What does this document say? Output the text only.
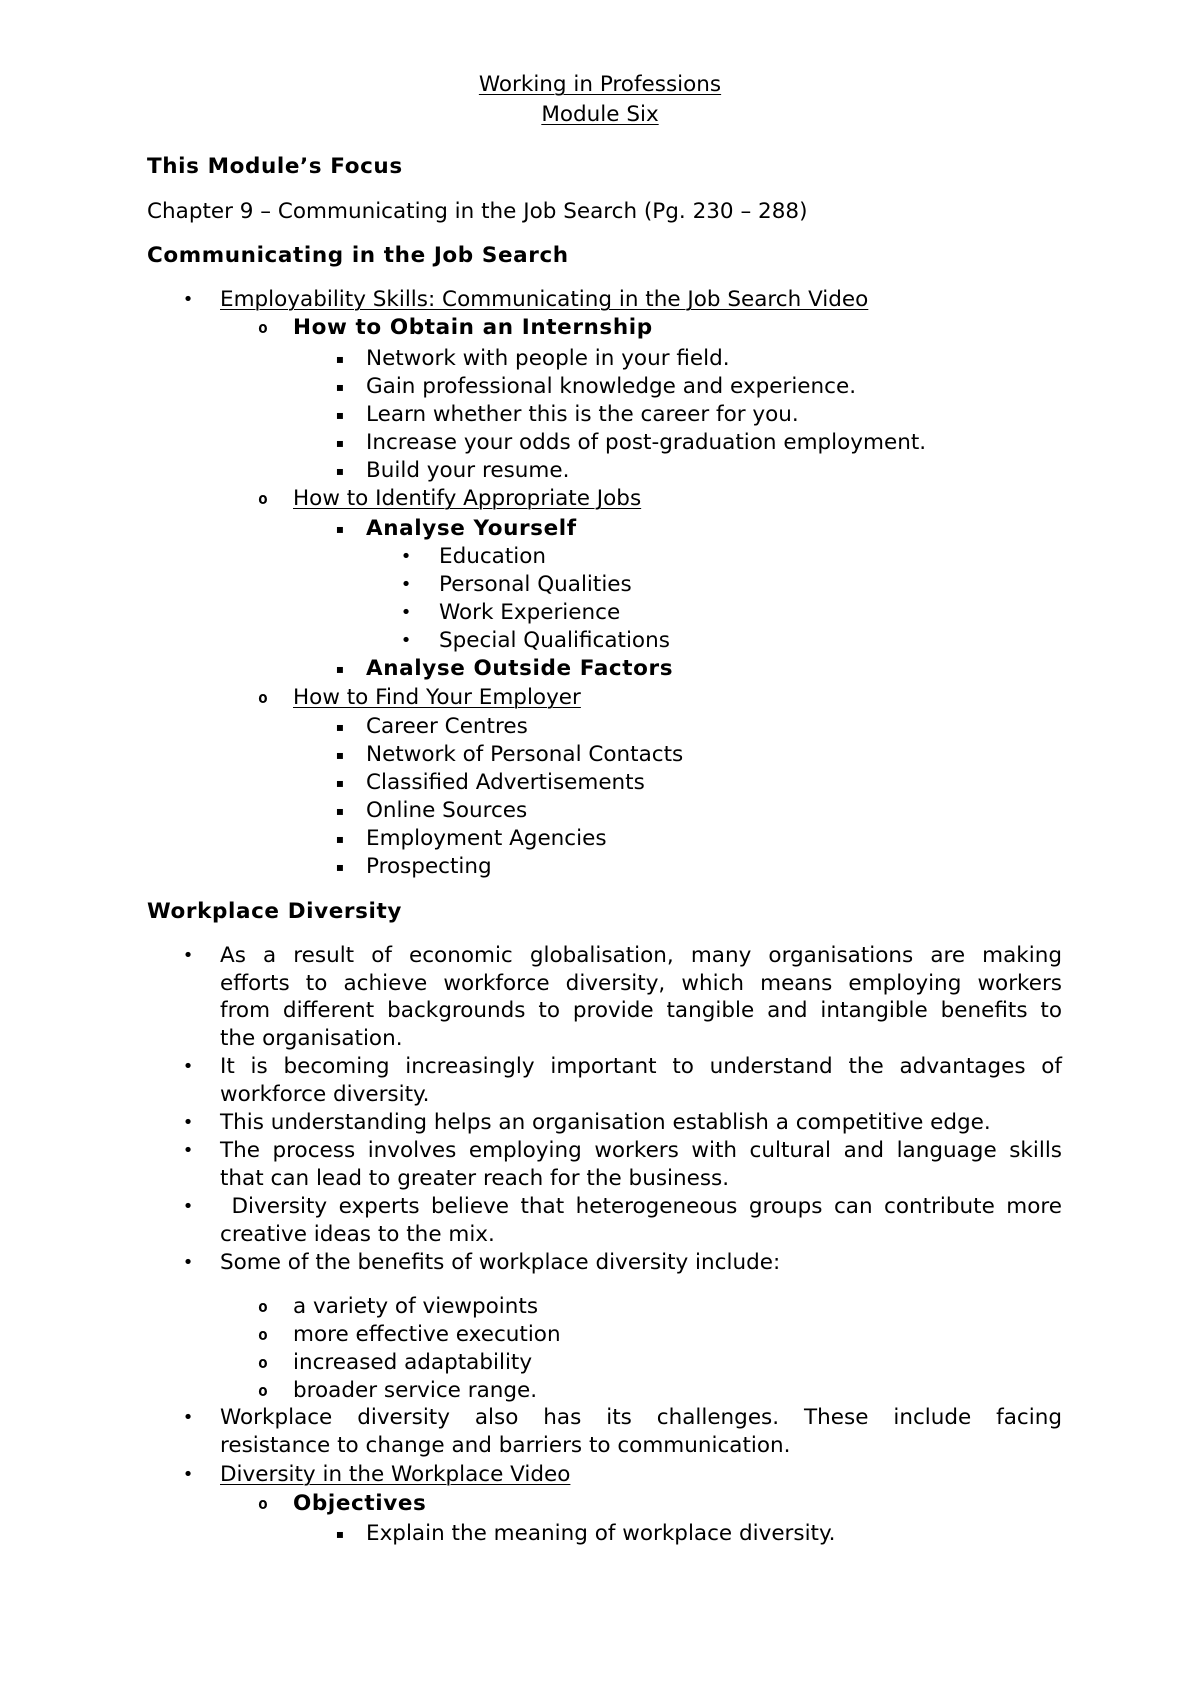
Working in Professions
Module Six
This Module’s Focus
Chapter 9 – Communicating in the Job Search (Pg. 230 – 288)
Communicating in the Job Search
• Employability Skills: Communicating in the Job Search Video
o How to Obtain an Internship
▪ Network with people in your field.
▪ Gain professional knowledge and experience.
▪ Learn whether this is the career for you.
▪ Increase your odds of post-graduation employment.
▪ Build your resume.
o How to Identify Appropriate Jobs
▪ Analyse Yourself
• Education
• Personal Qualities
• Work Experience
• Special Qualifications
▪ Analyse Outside Factors
o How to Find Your Employer
▪ Career Centres
▪ Network of Personal Contacts
▪ Classified Advertisements
▪ Online Sources
▪ Employment Agencies
▪ Prospecting
Workplace Diversity
• As a result of economic globalisation, many organisations are making
efforts to achieve workforce diversity, which means employing workers
from different backgrounds to provide tangible and intangible benefits to
the organisation.
• It is becoming increasingly important to understand the advantages of
workforce diversity.
• This understanding helps an organisation establish a competitive edge.
• The process involves employing workers with cultural and language skills
that can lead to greater reach for the business.
• Diversity experts believe that heterogeneous groups can contribute more
creative ideas to the mix.
• Some of the benefits of workplace diversity include:
o a variety of viewpoints
o more effective execution
o increased adaptability
o broader service range.
• Workplace diversity also has its challenges. These include facing
resistance to change and barriers to communication.
• Diversity in the Workplace Video
o Objectives
▪ Explain the meaning of workplace diversity.
